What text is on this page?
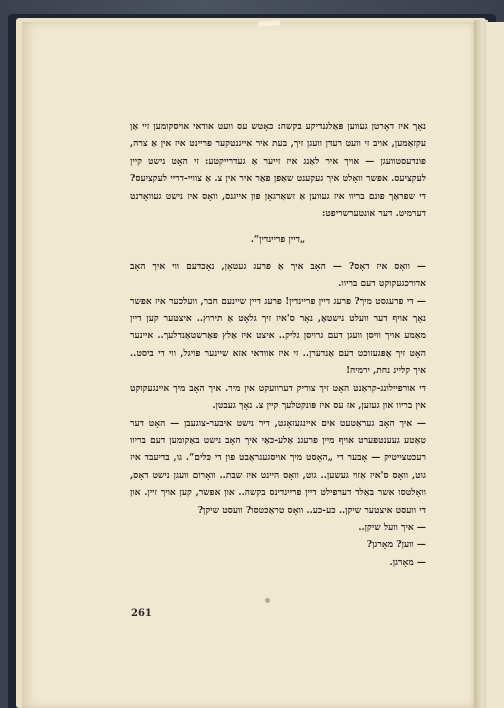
נאָך איז דאָרטן געווען פּאַלגנדיקע בקשה: כאָטש עס וועט אודאי אויסקומען זיי אַן עקזאַמען, אויב זי וועט רעדן וועגן זיך, בעת איר אייגנטקער פריינט איז אין אַ צרה, פונדעסטוועגן — אויך איר לאַנג איז זייער אַ געדרייקטע: זי האָט נישט קיין לעקציעס. אפשר וואָלט איך געקענט שאַפן פאַר איר אין צ. אַ צוויי-דריי לעקציעס? די שפראַך פונם בריוו איז געווען אַ זשאַרגאָן פון אייגנס, וואָס איז נישט געוואָרנט דערמיט. דער אונטערשריפט:

„דיין פריינדין“.

— וואָס איז דאָס? — האָב איך אַ פרעג געטאָן, נאָכדעם ווי איך האָב אדורכגעקוקט דעם בריוו.

— די פרעגסט מיך? פרעג דיין פריינדין! פרעג דיין שיינעם חבר, וועלכער איז אפשר נאָך אויף דער וועלט נישטאָ, נאָר ס'איז זיך גלאָט אַ תירוץ.. איצטער קען דיין מאַמע אויך וויסן וועגן דעם גרויסן גליק.. איצט איז אַלץ פאַרשטאַנדלעך.. איינער האָט זיך אָפּגעזוכט דעם אַנדערן.. זי איז אוודאי אזא שיינער פויגל, ווי די ביסט.. איך קליינ נחת, ירמיה!

די אורפיילונג-קראַנט האָט זיך צוריק דערוועקט אין מיר. איך האָב מיך איינגעקוקט אין בריוו און געזען, אז עס איז פּונקטלעך קיין צ. נאָך געבטן.

— איך האָב געראַטעט אים איינגעזאָגט, דיר נישט איבער-צוגעבן — האָט דער טאַטע געענטפערט אויף מיין פרעגנ אַלע-כאַי איך האָב נישט באַקומען דעם בריוו רעכטצייטיק — אָבער די „האָסט מיך אויסגעגראַבט פון די כּלים“. גו, בדיעבד איז גוט, וואָס ס'איז אַזוי געשען.. גוט, וואָס היינט איז שבת.. וואָרום וועגן נישט דאָס, וואָלטסו אשר באַלד דערפילט דיין פריינדינס בקשה.. און אפשר, קען אויך זיין. און די וועסט איצטער שיקן.. כע-כע.. וואָס טראַכטסו? וועסט שיקן?

— איך וועל שיקן..

— ווען? מאָרגן?

— מאָרגן.

261
